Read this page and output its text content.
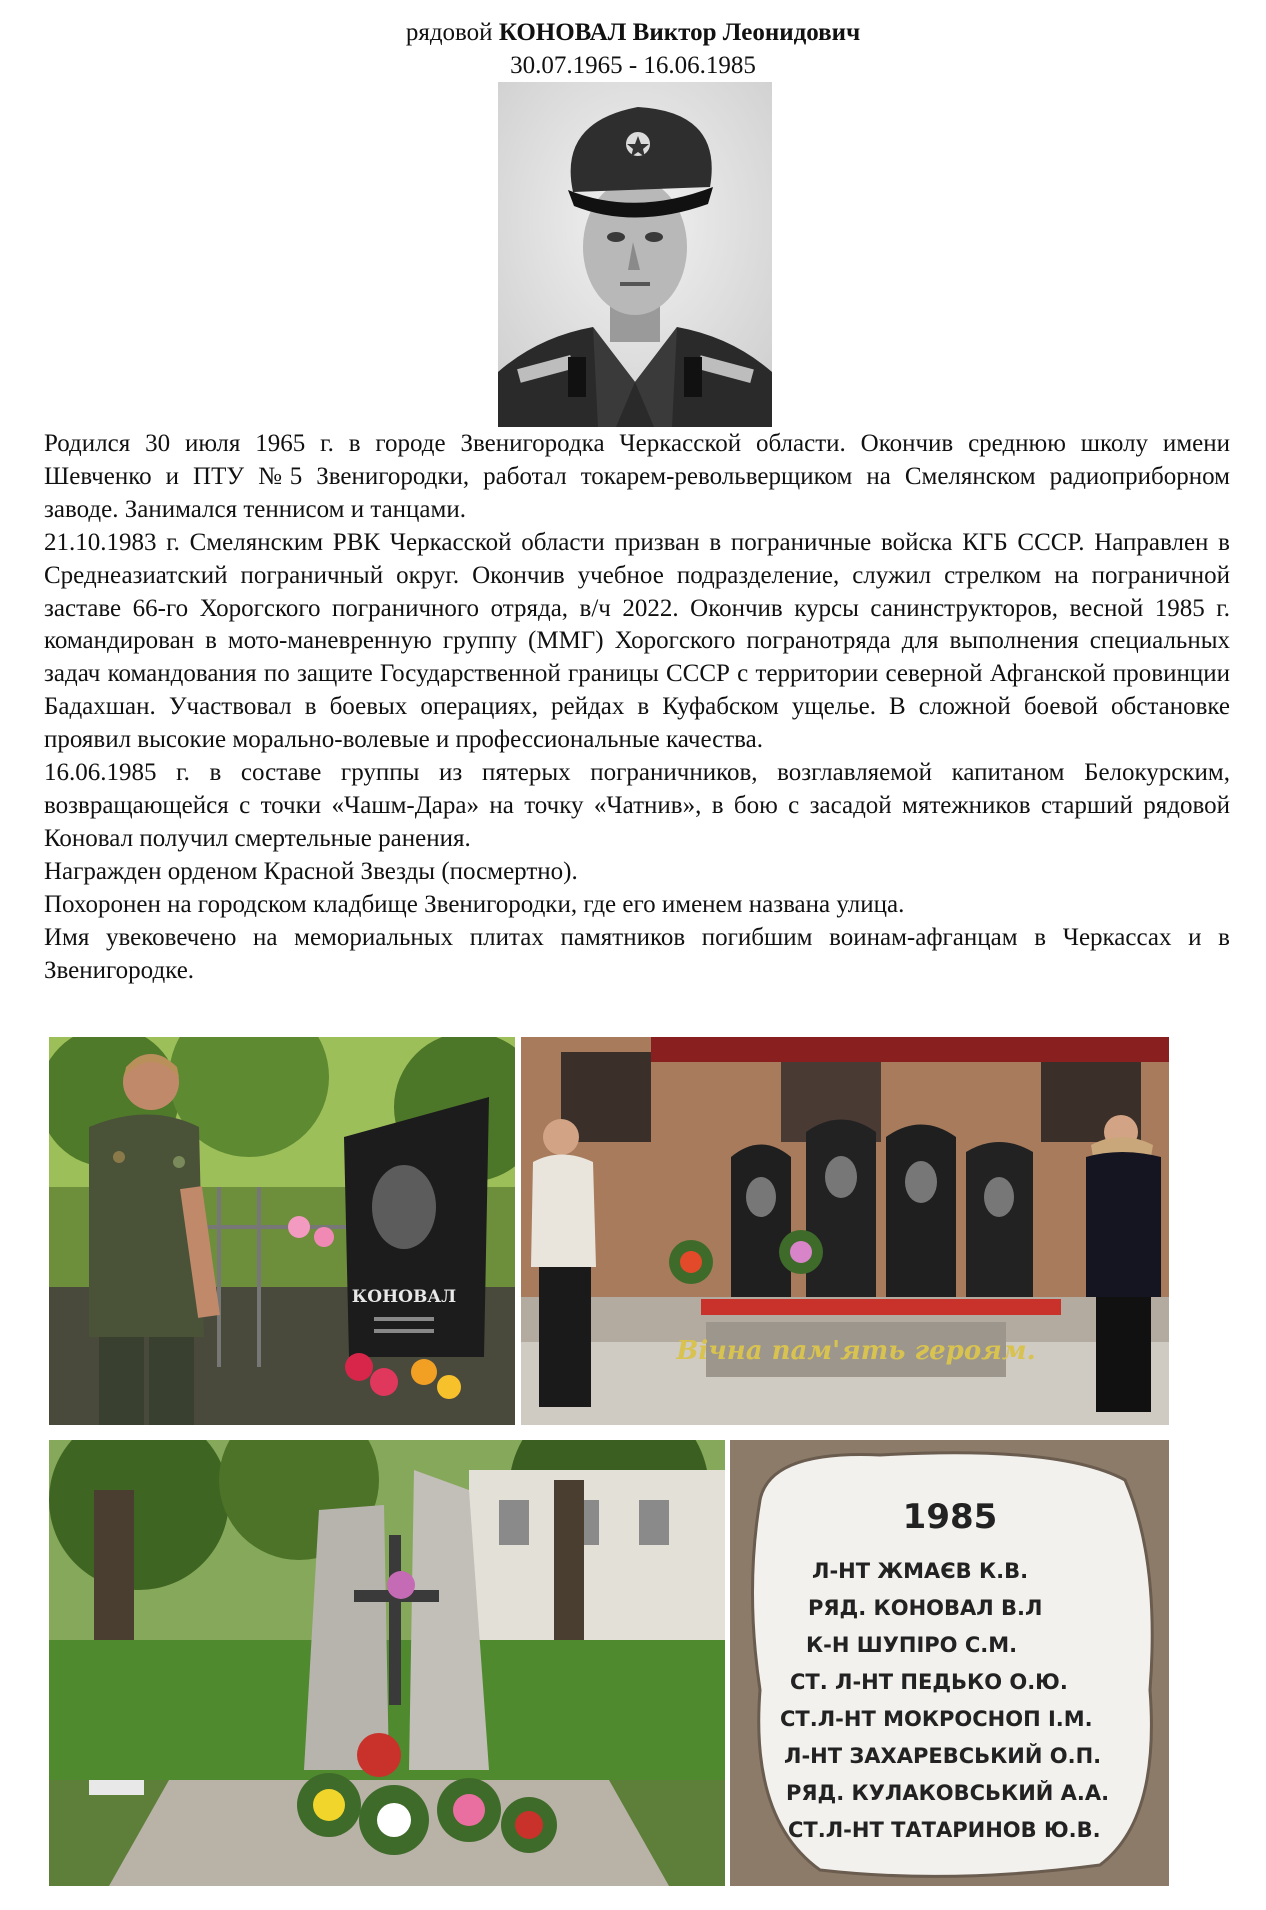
рядовой КОНОВАЛ Виктор Леонидович
30.07.1965 - 16.06.1985

Родился 30 июля 1965 г. в городе Звенигородка Черкасской области. Окончив среднюю школу имени Шевченко и ПТУ №5 Звенигородки, работал токарем-револьверщиком на Смелянском радиоприборном заводе. Занимался теннисом и танцами.

21.10.1983 г. Смелянским РВК Черкасской области призван в пограничные войска КГБ СССР. Направлен в Среднеазиатский пограничный округ. Окончив учебное подразделение, служил стрелком на пограничной заставе 66-го Хорогского пограничного отряда, в/ч 2022. Окончив курсы санинструкторов, весной 1985 г. командирован в мото-маневренную группу (ММГ) Хорогского погранотряда для выполнения специальных задач командования по защите Государственной границы СССР с территории северной Афганской провинции Бадахшан. Участвовал в боевых операциях, рейдах в Куфабском ущелье. В сложной боевой обстановке проявил высокие морально-волевые и профессиональные качества.

16.06.1985 г. в составе группы из пятерых пограничников, возглавляемой капитаном Белокурским, возвращающейся с точки «Чашм-Дара» на точку «Чатнив», в бою с засадой мятежников старший рядовой Коновал получил смертельные ранения.

Награжден орденом Красной Звезды (посмертно).

Похоронен на городском кладбище Звенигородки, где его именем названа улица.

Имя увековечено на мемориальных плитах памятников погибшим воинам-афганцам в Черкассах и в Звенигородке.

КОНОВАЛ
Вічна пам'ять героям.
1985
Л-НТ ЖМАЄВ К.В.
РЯД. КОНОВАЛ В.Л
К-Н ШУПІРО С.М.
СТ. Л-НТ ПЕДЬКО О.Ю.
СТ.Л-НТ МОКРОСНОП І.М.
Л-НТ ЗАХАРЕВСЬКИЙ О.П.
РЯД. КУЛАКОВСЬКИЙ А.А.
СТ.Л-НТ ТАТАРИНОВ Ю.В.
